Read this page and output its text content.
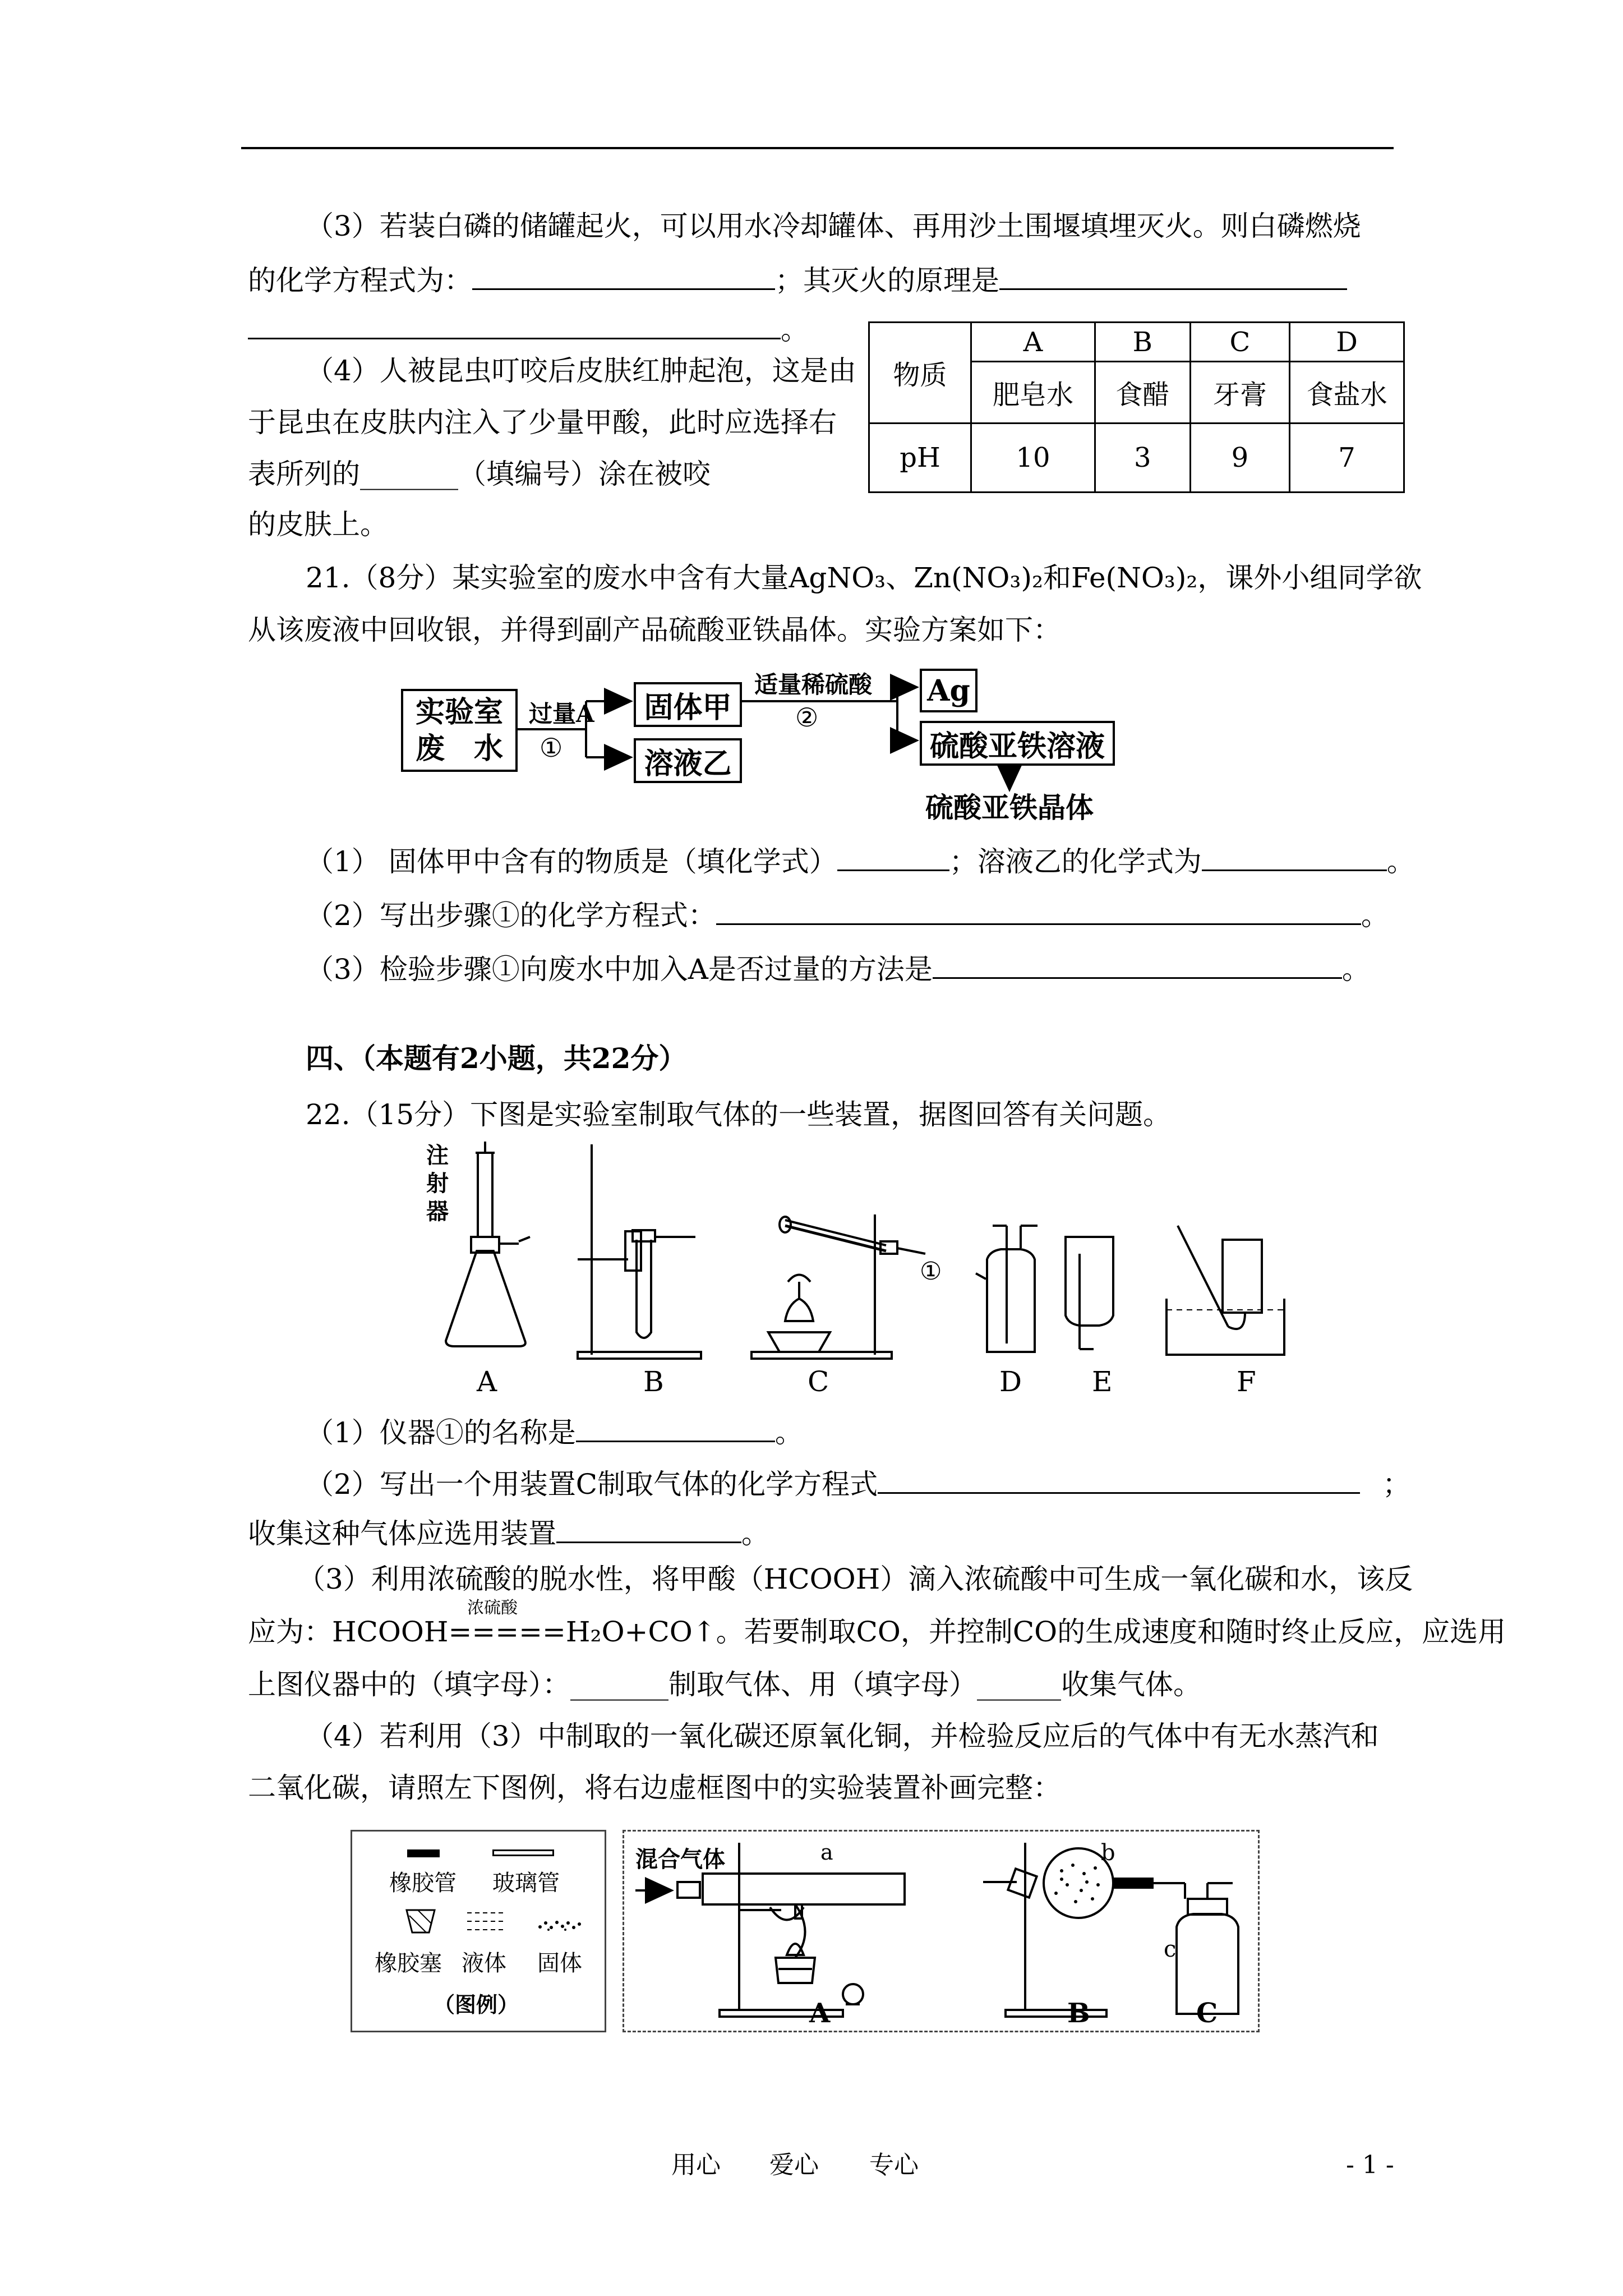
（3）若装白磷的储罐起火，可以用水冷却罐体、再用沙土围堰填埋灭火。则白磷燃烧
的化学方程式为：	；其灭火的原理是
。
（4）人被昆虫叮咬后皮肤红肿起泡，这是由
于昆虫在皮肤内注入了少量甲酸，此时应选择右
表所列的_______（填编号）涂在被咬
的皮肤上。
物质	A	B	C	D
	肥皂水	食醋	牙膏	食盐水
pH	10	3	9	7
21.（8分）某实验室的废水中含有大量AgNO₃、Zn(NO₃)₂和Fe(NO₃)₂，课外小组同学欲
从该废液中回收银，并得到副产品硫酸亚铁晶体。实验方案如下：
实验室
废　水
过量A
①
固体甲
溶液乙
适量稀硫酸
②
Ag
硫酸亚铁溶液
硫酸亚铁晶体
（1） 固体甲中含有的物质是（填化学式）	；溶液乙的化学式为	。
（2）写出步骤①的化学方程式：	。
（3）检验步骤①向废水中加入A是否过量的方法是	。
四、（本题有2小题，共22分）
22.（15分）下图是实验室制取气体的一些装置，据图回答有关问题。
注
射
器
①
A	B	C	D E	F
（1）仪器①的名称是	。
（2）写出一个用装置C制取气体的化学方程式	；
收集这种气体应选用装置	。
（3）利用浓硫酸的脱水性，将甲酸（HCOOH）滴入浓硫酸中可生成一氧化碳和水，该反
浓硫酸
应为：HCOOH=====H₂O+CO↑。若要制取CO，并控制CO的生成速度和随时终止反应，应选用
上图仪器中的（填字母）：_______制取气体、用（填字母）______收集气体。
（4）若利用（3）中制取的一氧化碳还原氧化铜，并检验反应后的气体中有无水蒸汽和
二氧化碳，请照左下图例，将右边虚框图中的实验装置补画完整：
橡胶管 玻璃管
橡胶塞 液体 固体
（图例）
混合气体	a	b
c
A	B	C
用心 爱心 专心	- 1 -
